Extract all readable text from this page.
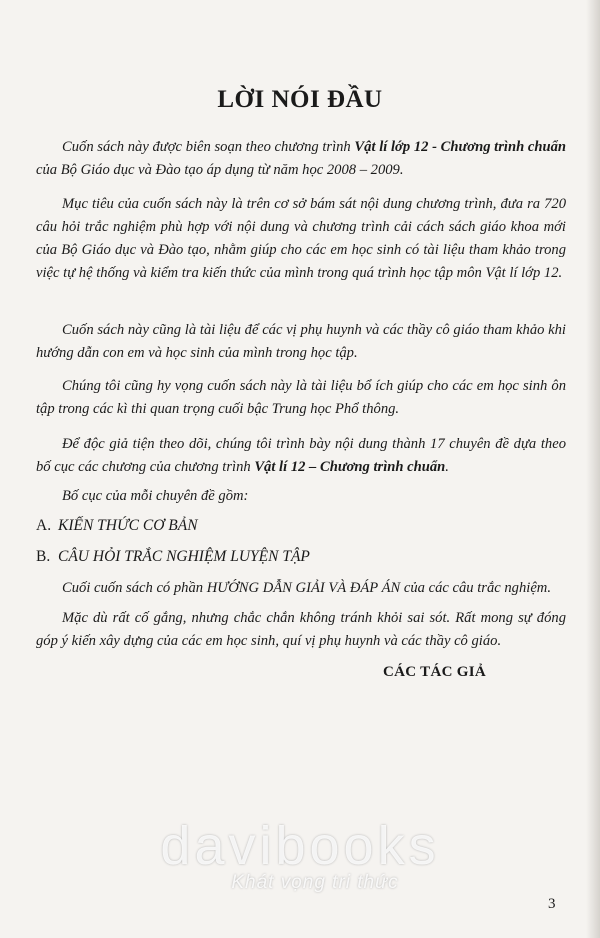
LỜI NÓI ĐẦU

Cuốn sách này được biên soạn theo chương trình Vật lí lớp 12 - Chương trình chuẩn của Bộ Giáo dục và Đào tạo áp dụng từ năm học 2008 – 2009.

Mục tiêu của cuốn sách này là trên cơ sở bám sát nội dung chương trình, đưa ra 720 câu hỏi trắc nghiệm phù hợp với nội dung và chương trình cải cách sách giáo khoa mới của Bộ Giáo dục và Đào tạo, nhằm giúp cho các em học sinh có tài liệu tham khảo trong việc tự hệ thống và kiểm tra kiến thức của mình trong quá trình học tập môn Vật lí lớp 12.

Cuốn sách này cũng là tài liệu để các vị phụ huynh và các thầy cô giáo tham khảo khi hướng dẫn con em và học sinh của mình trong học tập.

Chúng tôi cũng hy vọng cuốn sách này là tài liệu bổ ích giúp cho các em học sinh ôn tập trong các kì thi quan trọng cuối bậc Trung học Phổ thông.

Để độc giả tiện theo dõi, chúng tôi trình bày nội dung thành 17 chuyên đề dựa theo bố cục các chương của chương trình Vật lí 12 – Chương trình chuẩn.

Bố cục của mỗi chuyên đề gồm:

A. KIẾN THỨC CƠ BẢN

B. CÂU HỎI TRẮC NGHIỆM LUYỆN TẬP

Cuối cuốn sách có phần HƯỚNG DẪN GIẢI VÀ ĐÁP ÁN của các câu trắc nghiệm.

Mặc dù rất cố gắng, nhưng chắc chắn không tránh khỏi sai sót. Rất mong sự đóng góp ý kiến xây dựng của các em học sinh, quí vị phụ huynh và các thầy cô giáo.

CÁC TÁC GIẢ
davibooks
Khát vọng tri thức
3
